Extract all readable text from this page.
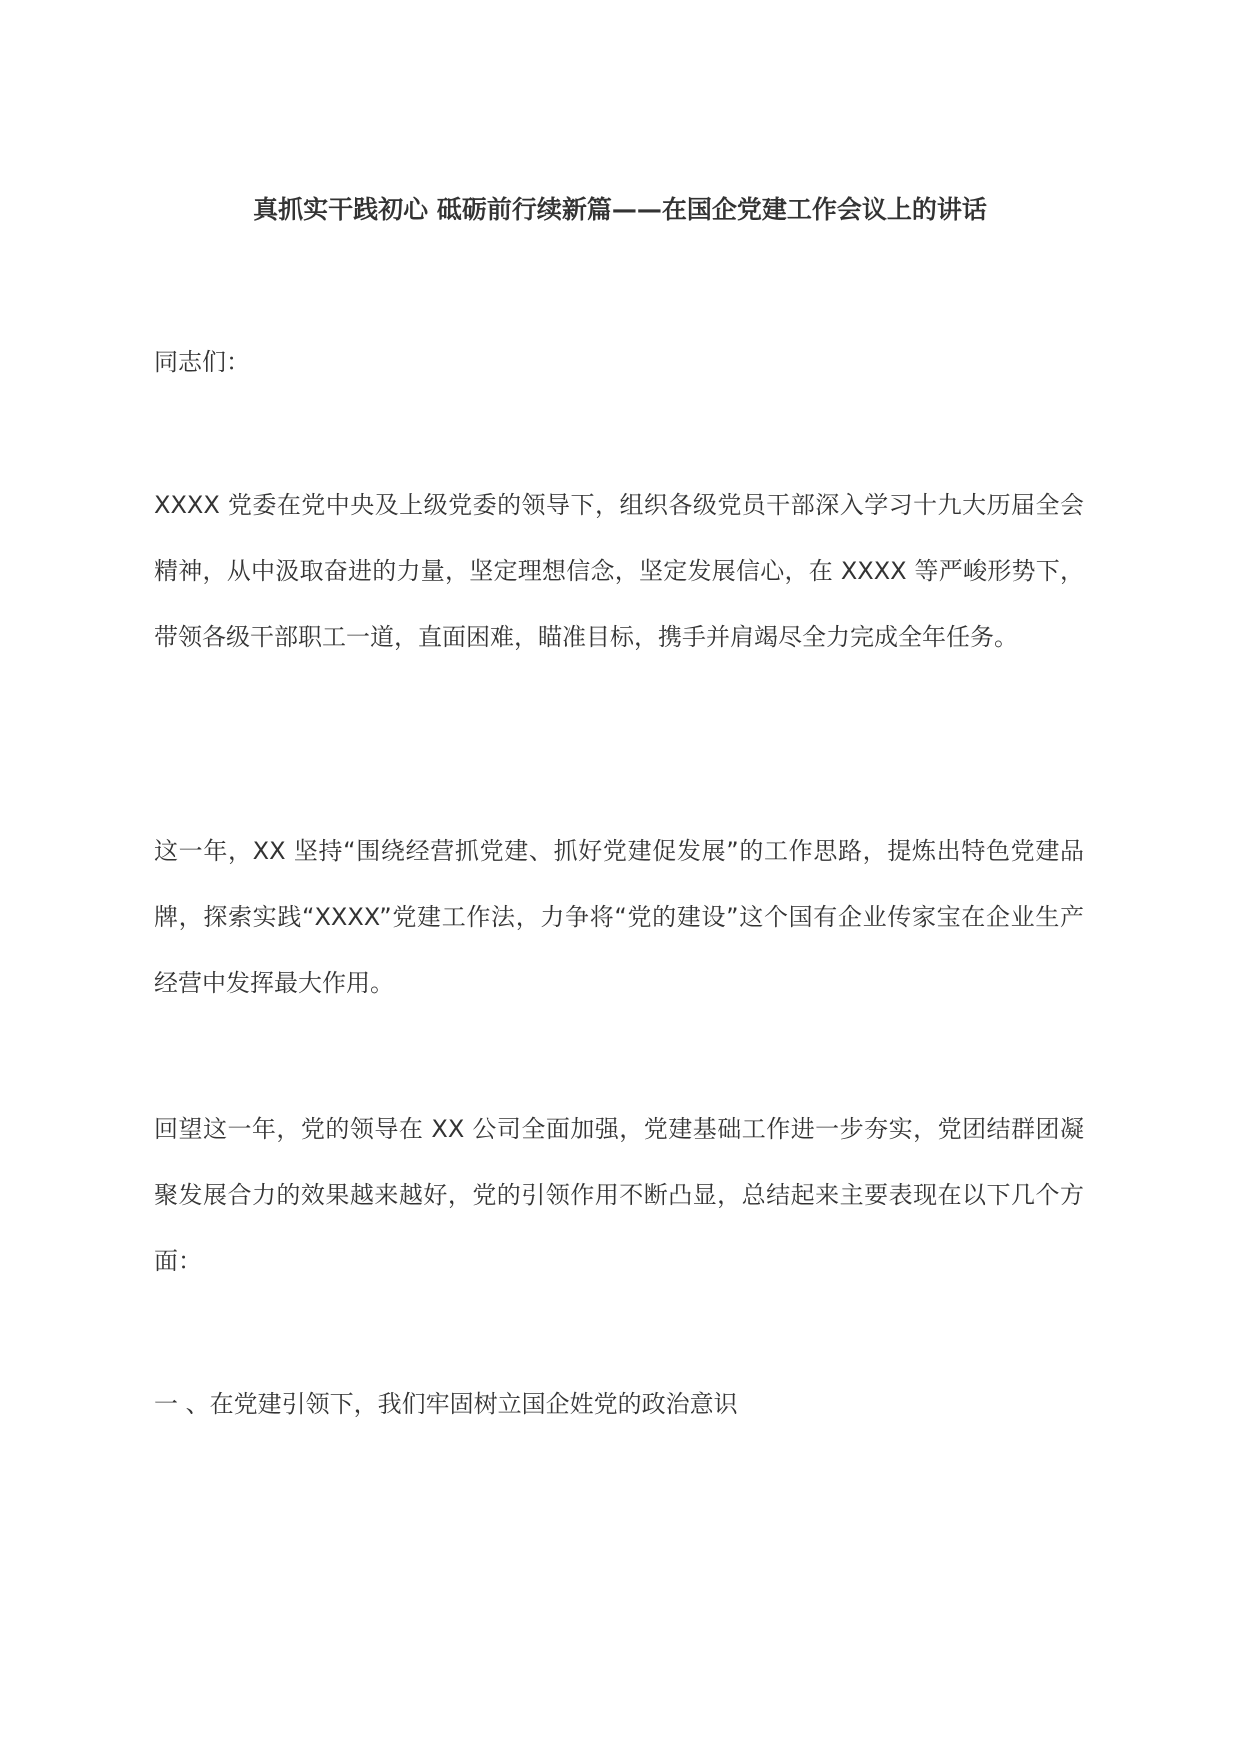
真抓实干践初心 砥砺前行续新篇——在国企党建工作会议上的讲话
同志们：
XXXX 党委在党中央及上级党委的领导下，组织各级党员干部深入学习十九大历届全会精神，从中汲取奋进的力量，坚定理想信念，坚定发展信心，在 XXXX 等严峻形势下，带领各级干部职工一道，直面困难，瞄准目标，携手并肩竭尽全力完成全年任务。
这一年，XX 坚持“围绕经营抓党建、抓好党建促发展”的工作思路，提炼出特色党建品牌，探索实践“XXXX”党建工作法，力争将“党的建设”这个国有企业传家宝在企业生产经营中发挥最大作用。
回望这一年，党的领导在 XX 公司全面加强，党建基础工作进一步夯实，党团结群团凝聚发展合力的效果越来越好，党的引领作用不断凸显，总结起来主要表现在以下几个方面：
一 、在党建引领下，我们牢固树立国企姓党的政治意识
